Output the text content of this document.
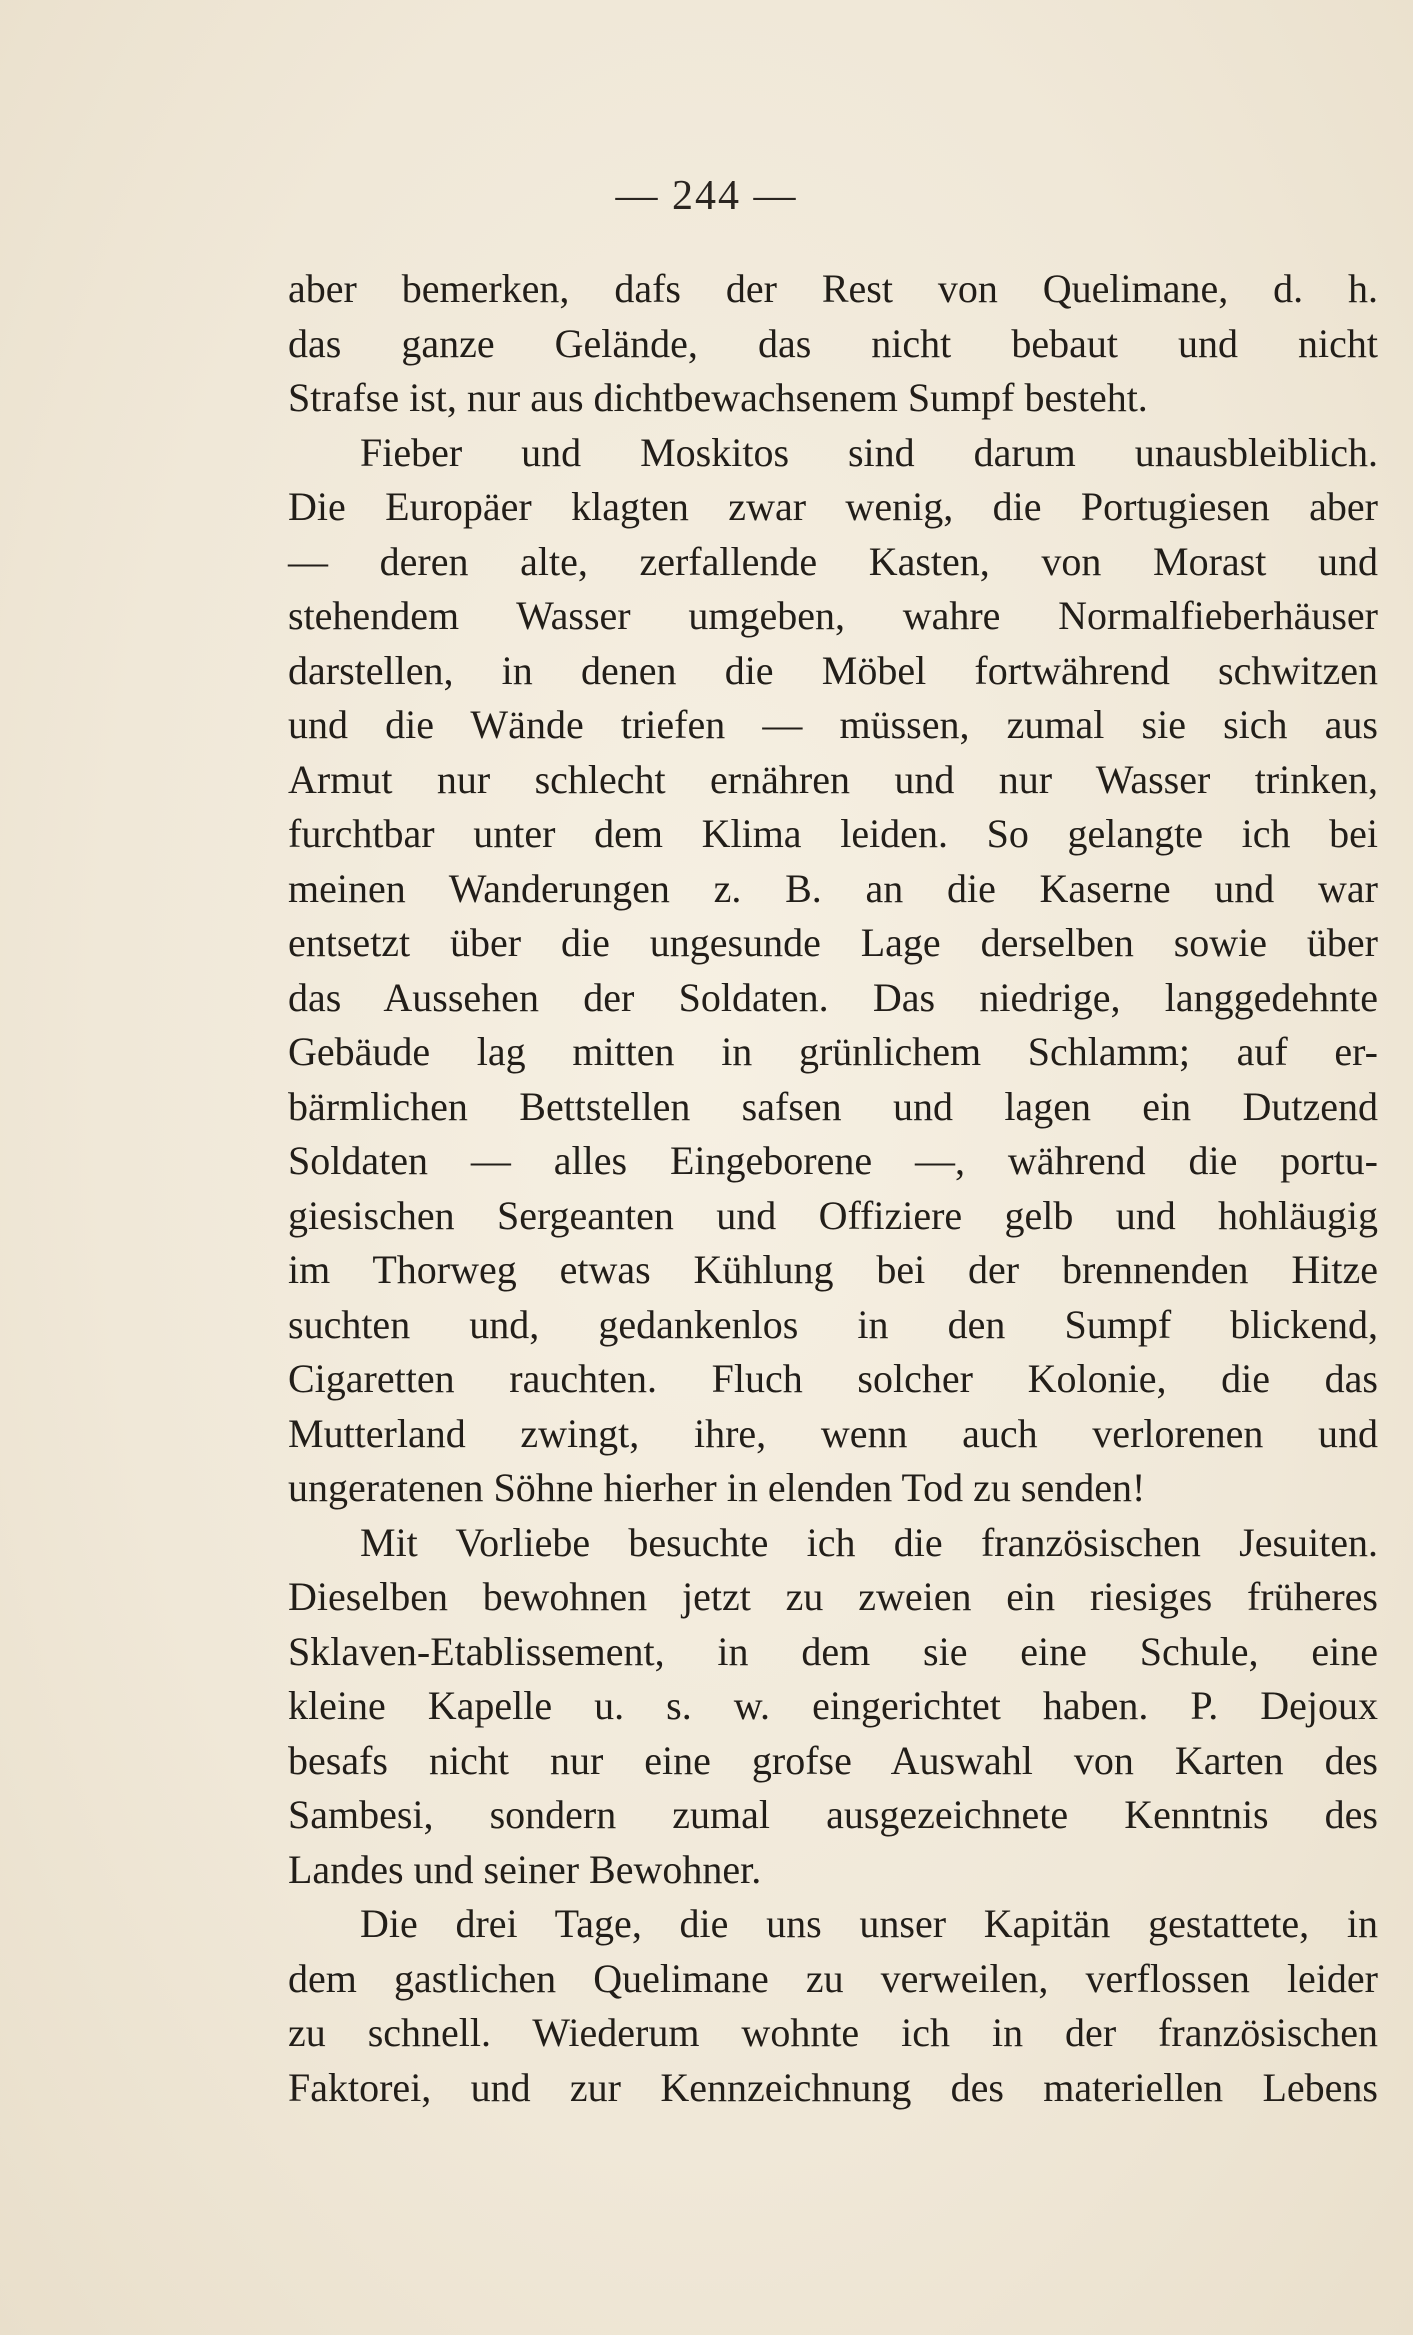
— 244 —
aber bemerken, dafs der Rest von Quelimane, d. h.
das ganze Gelände, das nicht bebaut und nicht
Strafse ist, nur aus dichtbewachsenem Sumpf besteht.
Fieber und Moskitos sind darum unausbleiblich.
Die Europäer klagten zwar wenig, die Portugiesen aber
— deren alte, zerfallende Kasten, von Morast und
stehendem Wasser umgeben, wahre Normalfieberhäuser
darstellen, in denen die Möbel fortwährend schwitzen
und die Wände triefen — müssen, zumal sie sich aus
Armut nur schlecht ernähren und nur Wasser trinken,
furchtbar unter dem Klima leiden. So gelangte ich bei
meinen Wanderungen z. B. an die Kaserne und war
entsetzt über die ungesunde Lage derselben sowie über
das Aussehen der Soldaten. Das niedrige, langgedehnte
Gebäude lag mitten in grünlichem Schlamm; auf er-
bärmlichen Bettstellen safsen und lagen ein Dutzend
Soldaten — alles Eingeborene —, während die portu-
giesischen Sergeanten und Offiziere gelb und hohläugig
im Thorweg etwas Kühlung bei der brennenden Hitze
suchten und, gedankenlos in den Sumpf blickend,
Cigaretten rauchten. Fluch solcher Kolonie, die das
Mutterland zwingt, ihre, wenn auch verlorenen und
ungeratenen Söhne hierher in elenden Tod zu senden!
Mit Vorliebe besuchte ich die französischen Jesuiten.
Dieselben bewohnen jetzt zu zweien ein riesiges früheres
Sklaven-Etablissement, in dem sie eine Schule, eine
kleine Kapelle u. s. w. eingerichtet haben. P. Dejoux
besafs nicht nur eine grofse Auswahl von Karten des
Sambesi, sondern zumal ausgezeichnete Kenntnis des
Landes und seiner Bewohner.
Die drei Tage, die uns unser Kapitän gestattete, in
dem gastlichen Quelimane zu verweilen, verflossen leider
zu schnell. Wiederum wohnte ich in der französischen
Faktorei, und zur Kennzeichnung des materiellen Lebens
